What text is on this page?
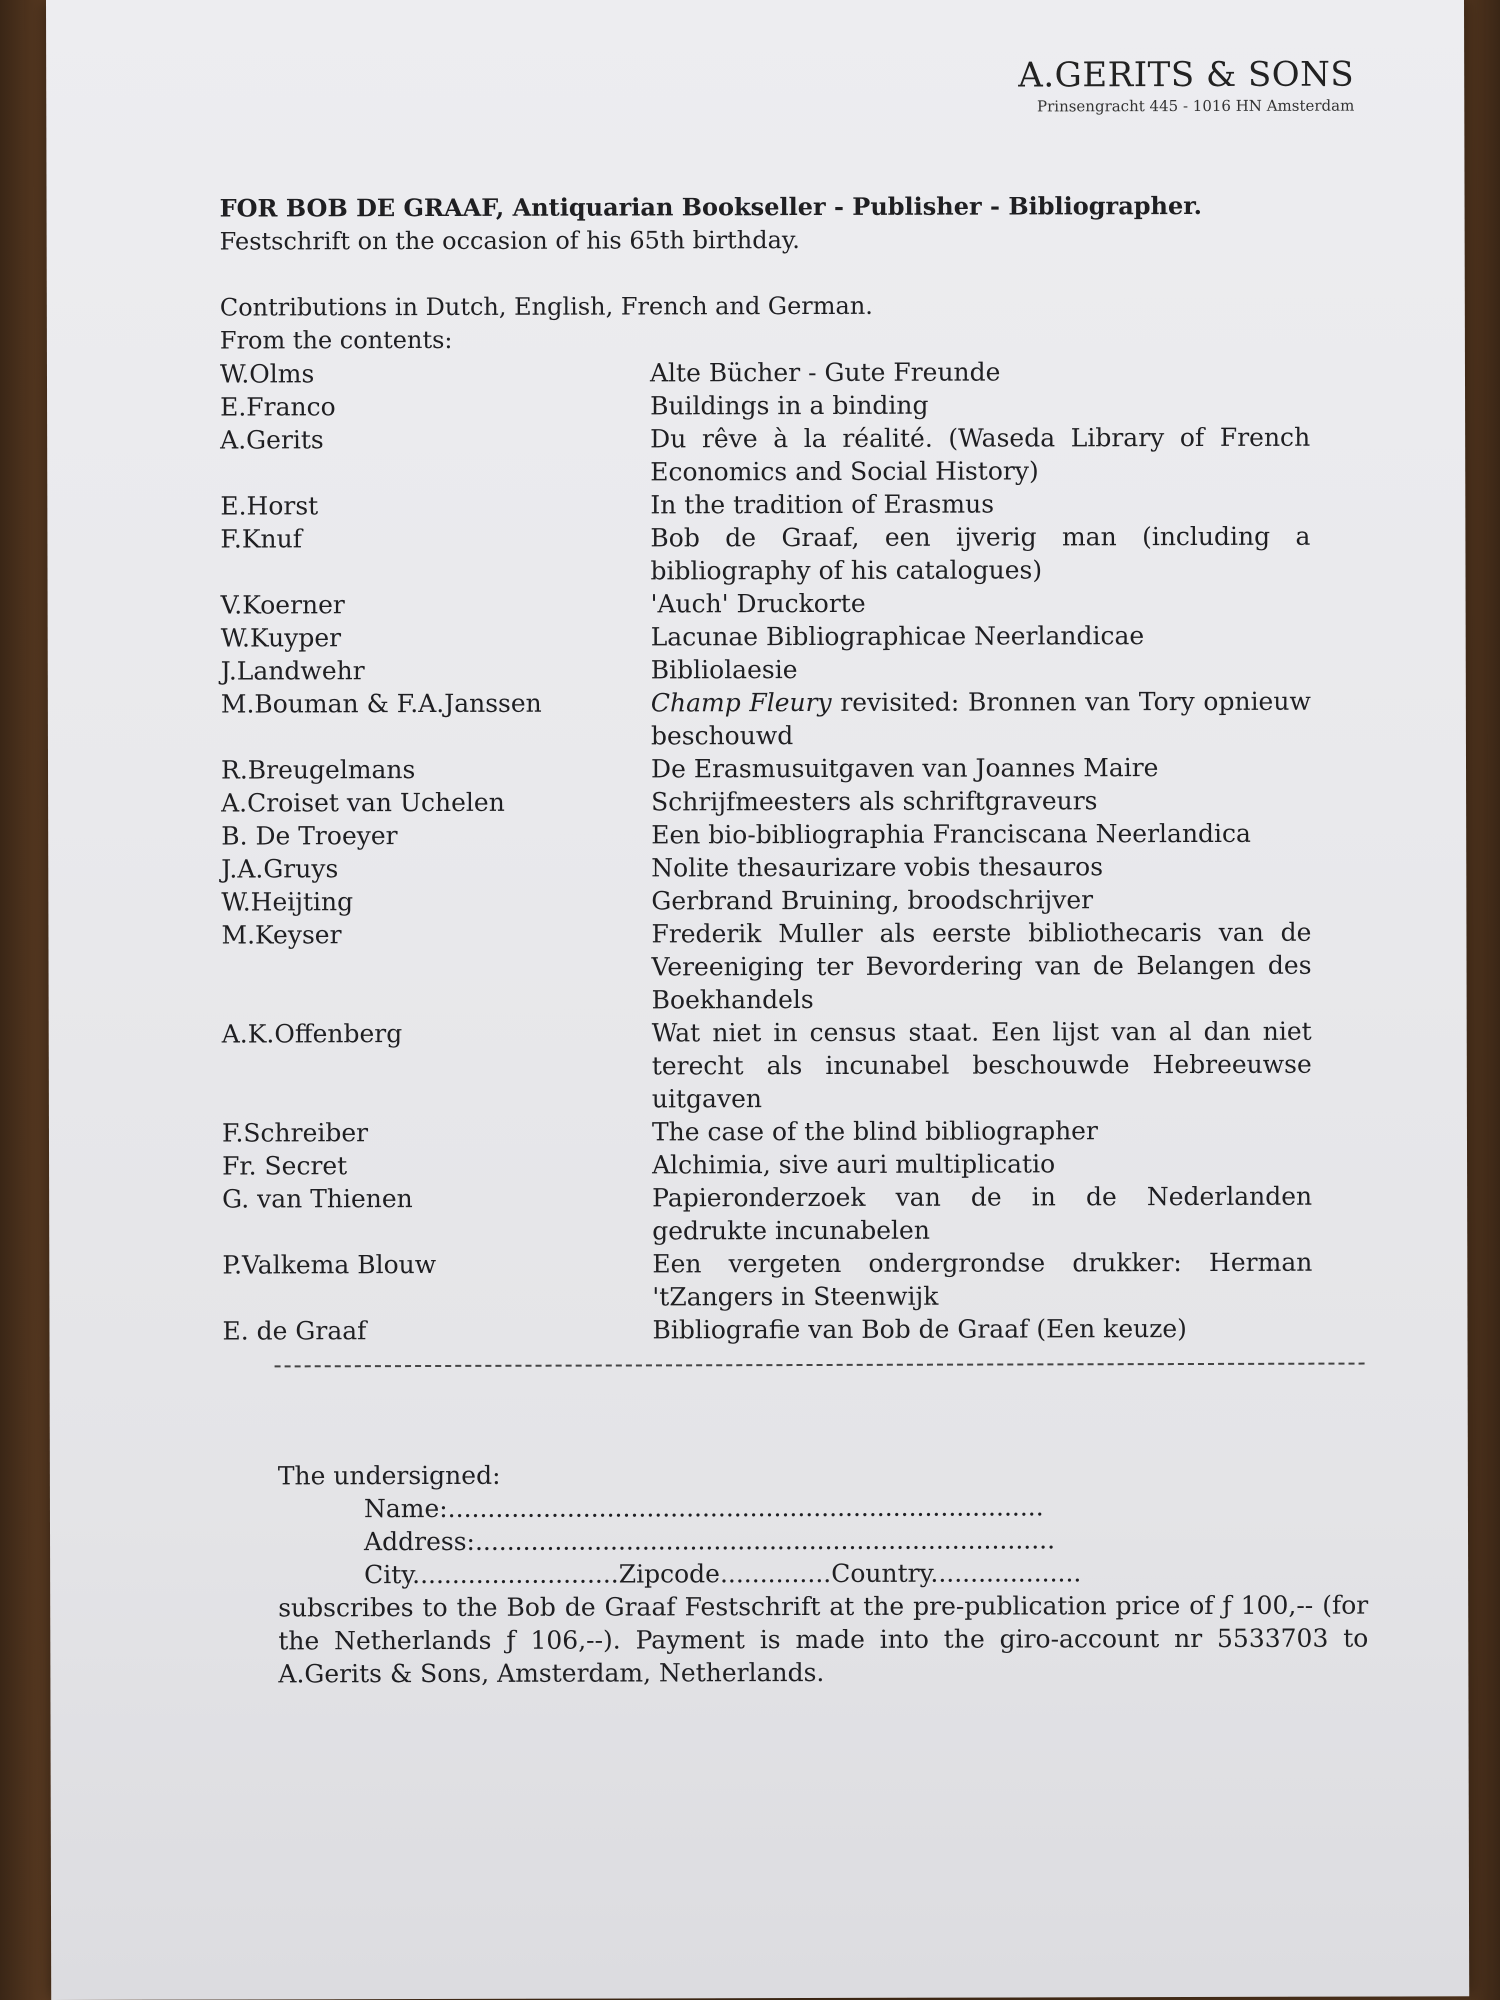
A.GERITS & SONS
Prinsengracht 445 - 1016 HN Amsterdam
FOR BOB DE GRAAF, Antiquarian Bookseller - Publisher - Bibliographer.
Festschrift on the occasion of his 65th birthday.
Contributions in Dutch, English, French and German.
From the contents:
W.Olms	Alte Bücher - Gute Freunde
E.Franco	Buildings in a binding
A.Gerits	Du rêve à la réalité. (Waseda Library of French Economics and Social History)
E.Horst	In the tradition of Erasmus
F.Knuf	Bob de Graaf, een ijverig man (including a bibliography of his catalogues)
V.Koerner	'Auch' Druckorte
W.Kuyper	Lacunae Bibliographicae Neerlandicae
J.Landwehr	Bibliolaesie
M.Bouman & F.A.Janssen	Champ Fleury revisited: Bronnen van Tory opnieuw beschouwd
R.Breugelmans	De Erasmusuitgaven van Joannes Maire
A.Croiset van Uchelen	Schrijfmeesters als schriftgraveurs
B. De Troeyer	Een bio-bibliographia Franciscana Neerlandica
J.A.Gruys	Nolite thesaurizare vobis thesauros
W.Heijting	Gerbrand Bruining, broodschrijver
M.Keyser	Frederik Muller als eerste bibliothecaris van de Vereeniging ter Bevordering van de Belangen des Boekhandels
A.K.Offenberg	Wat niet in census staat. Een lijst van al dan niet terecht als incunabel beschouwde Hebreeuwse uitgaven
F.Schreiber	The case of the blind bibliographer
Fr. Secret	Alchimia, sive auri multiplicatio
G. van Thienen	Papieronderzoek van de in de Nederlanden gedrukte incunabelen
P.Valkema Blouw	Een vergeten ondergrondse drukker: Herman 'tZangers in Steenwijk
E. de Graaf	Bibliografie van Bob de Graaf (Een keuze)
The undersigned:
Name:...........................................................................
Address:.........................................................................
City..........................Zipcode..............Country...................
subscribes to the Bob de Graaf Festschrift at the pre-publication price of ƒ 100,-- (for the Netherlands ƒ 106,--). Payment is made into the giro-account nr 5533703 to A.Gerits & Sons, Amsterdam, Netherlands.
